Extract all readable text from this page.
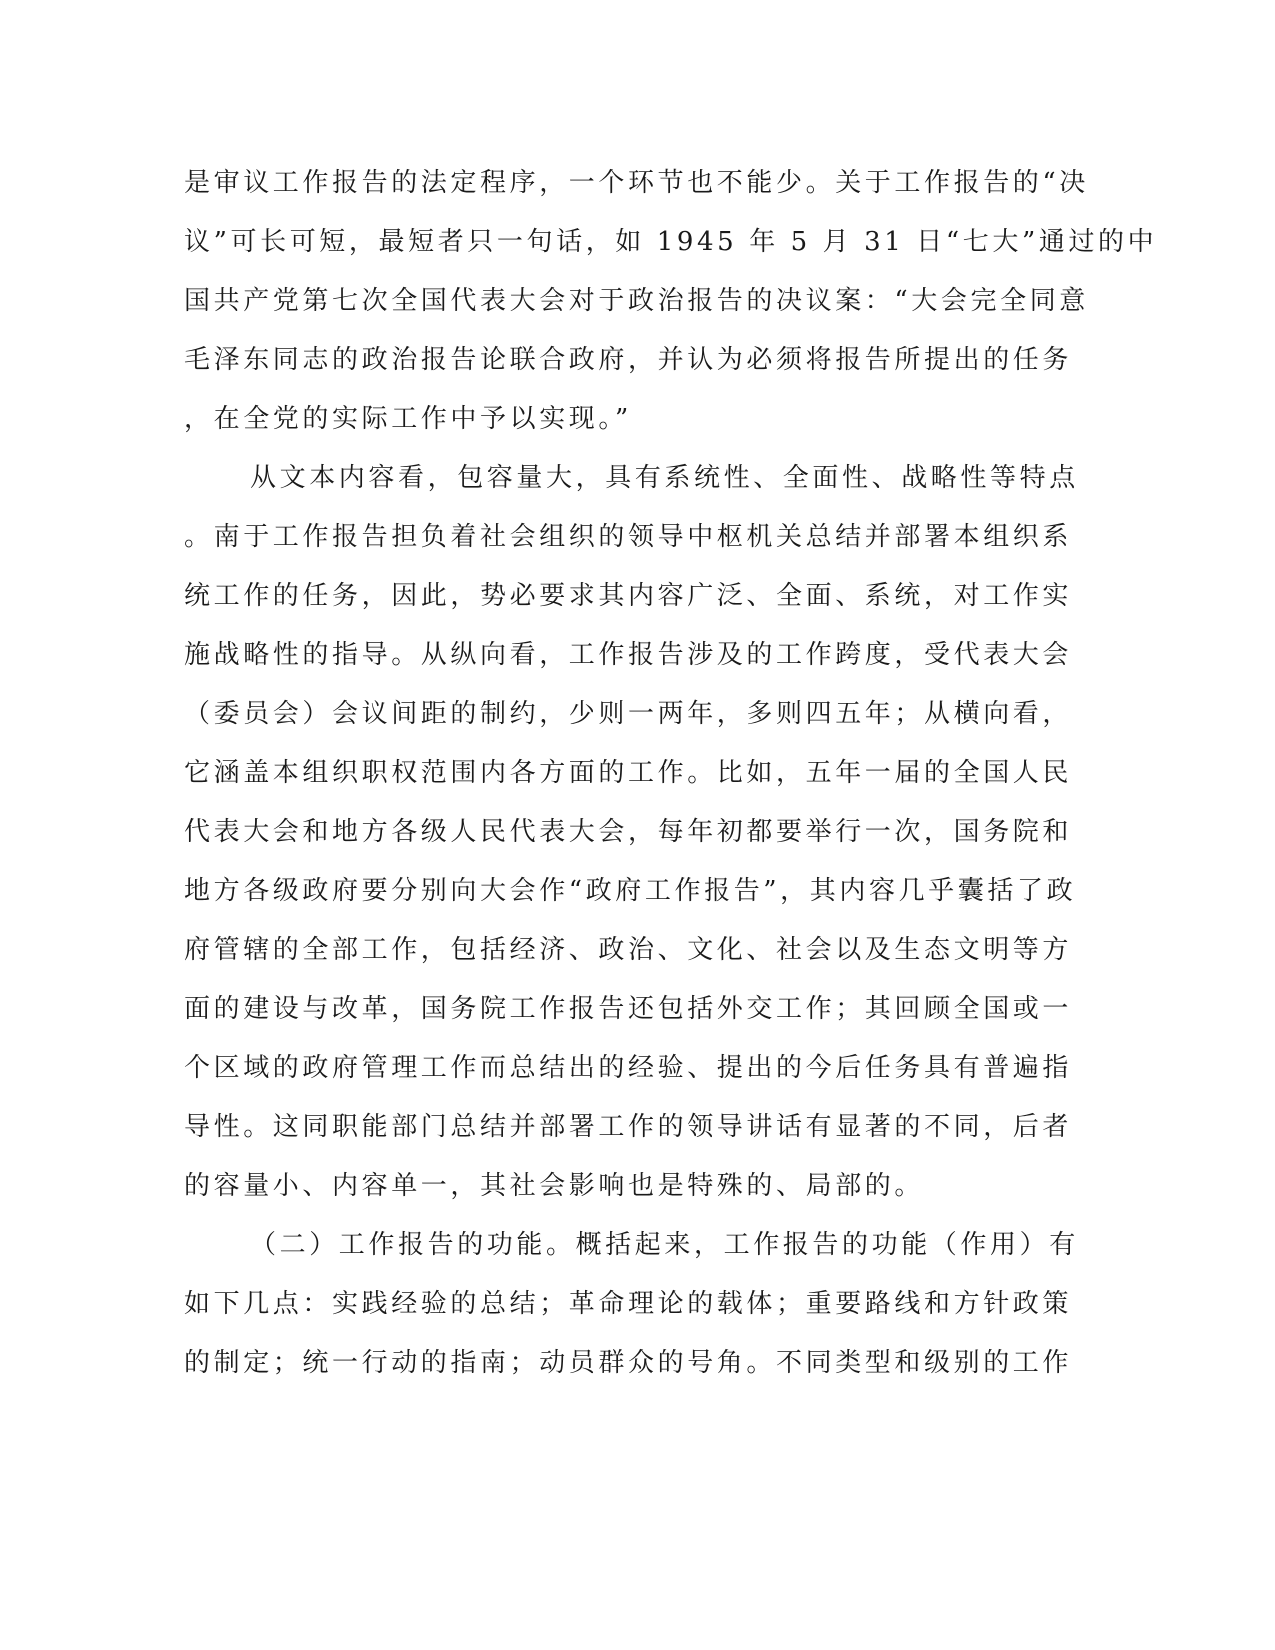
是审议工作报告的法定程序，一个环节也不能少。关于工作报告的“决
议”可长可短，最短者只一句话，如 1945 年 5 月 31 日“七大”通过的中
国共产党第七次全国代表大会对于政治报告的决议案：“大会完全同意
毛泽东同志的政治报告论联合政府，并认为必须将报告所提出的任务
，在全党的实际工作中予以实现。”
从文本内容看，包容量大，具有系统性、全面性、战略性等特点
。南于工作报告担负着社会组织的领导中枢机关总结并部署本组织系
统工作的任务，因此，势必要求其内容广泛、全面、系统，对工作实
施战略性的指导。从纵向看，工作报告涉及的工作跨度，受代表大会
（委员会）会议间距的制约，少则一两年，多则四五年；从横向看，
它涵盖本组织职权范围内各方面的工作。比如，五年一届的全国人民
代表大会和地方各级人民代表大会，每年初都要举行一次，国务院和
地方各级政府要分别向大会作“政府工作报告”，其内容几乎囊括了政
府管辖的全部工作，包括经济、政治、文化、社会以及生态文明等方
面的建设与改革，国务院工作报告还包括外交工作；其回顾全国或一
个区域的政府管理工作而总结出的经验、提出的今后任务具有普遍指
导性。这同职能部门总结并部署工作的领导讲话有显著的不同，后者
的容量小、内容单一，其社会影响也是特殊的、局部的。
（二）工作报告的功能。概括起来，工作报告的功能（作用）有
如下几点：实践经验的总结；革命理论的载体；重要路线和方针政策
的制定；统一行动的指南；动员群众的号角。不同类型和级别的工作
